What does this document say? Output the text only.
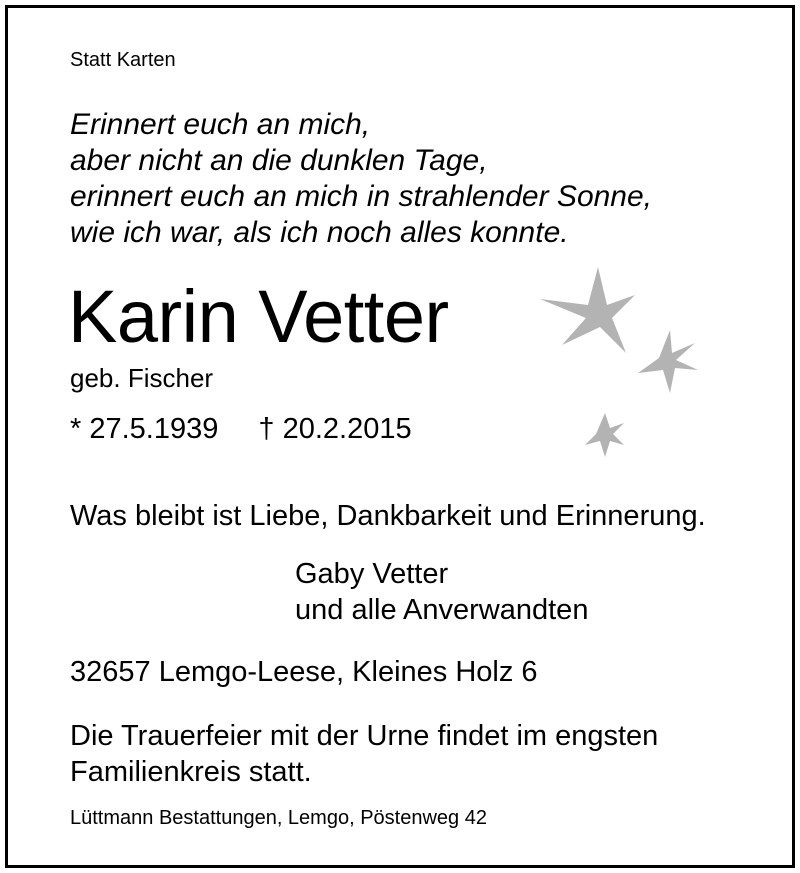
Statt Karten
Erinnert euch an mich,
aber nicht an die dunklen Tage,
erinnert euch an mich in strahlender Sonne,
wie ich war, als ich noch alles konnte.
Karin Vetter
geb. Fischer
* 27.5.1939 † 20.2.2015
Was bleibt ist Liebe, Dankbarkeit und Erinnerung.
Gaby Vetter
und alle Anverwandten
32657 Lemgo-Leese, Kleines Holz 6
Die Trauerfeier mit der Urne findet im engsten
Familienkreis statt.
Lüttmann Bestattungen, Lemgo, Pöstenweg 42
